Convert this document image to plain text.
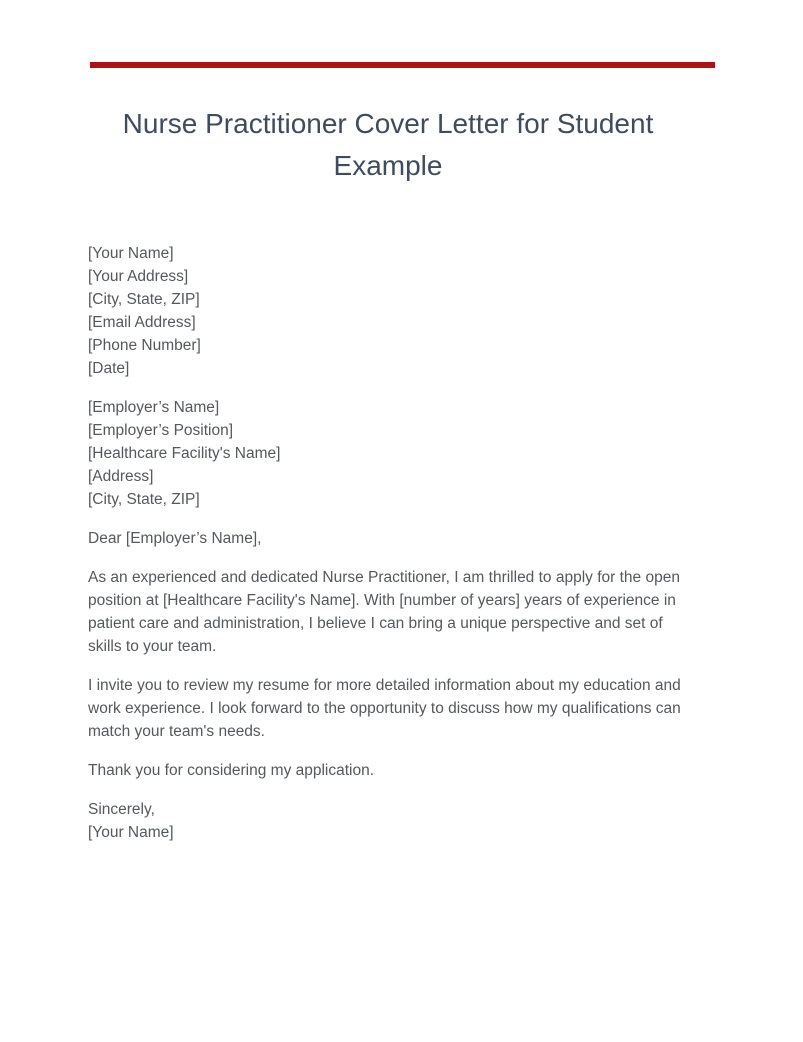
Nurse Practitioner Cover Letter for Student Example

[Your Name]
[Your Address]
[City, State, ZIP]
[Email Address]
[Phone Number]
[Date]

[Employer’s Name]
[Employer’s Position]
[Healthcare Facility's Name]
[Address]
[City, State, ZIP]

Dear [Employer’s Name],

As an experienced and dedicated Nurse Practitioner, I am thrilled to apply for the open position at [Healthcare Facility's Name]. With [number of years] years of experience in patient care and administration, I believe I can bring a unique perspective and set of skills to your team.

I invite you to review my resume for more detailed information about my education and work experience. I look forward to the opportunity to discuss how my qualifications can match your team's needs.

Thank you for considering my application.

Sincerely,
[Your Name]
